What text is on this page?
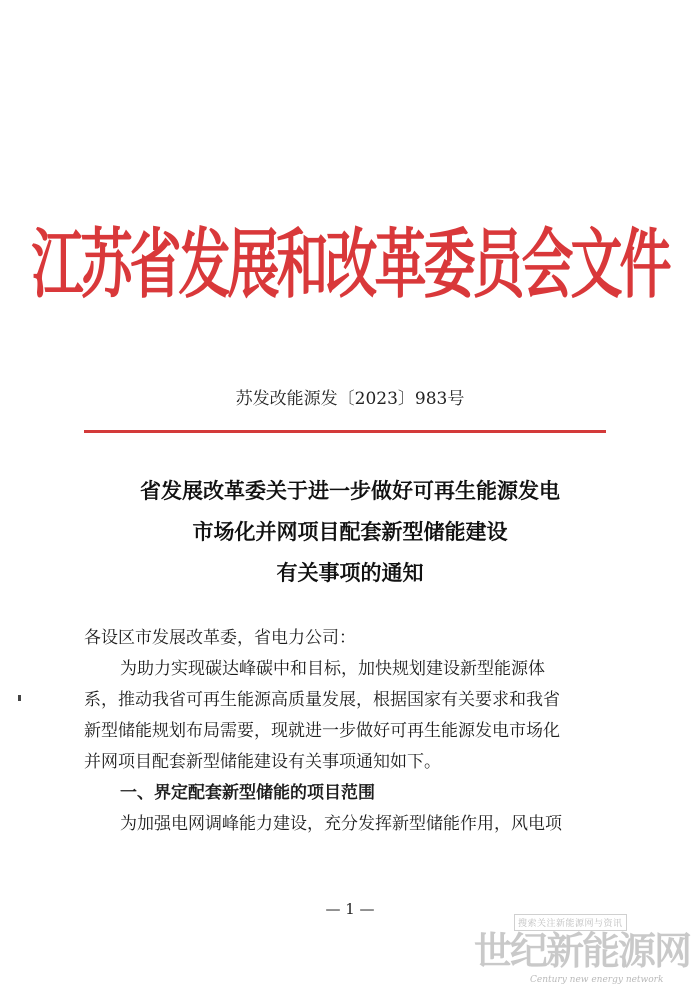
江苏省发展和改革委员会文件
苏发改能源发〔2023〕983号
省发展改革委关于进一步做好可再生能源发电
市场化并网项目配套新型储能建设
有关事项的通知
各设区市发展改革委，省电力公司：
为助力实现碳达峰碳中和目标，加快规划建设新型能源体
系，推动我省可再生能源高质量发展，根据国家有关要求和我省
新型储能规划布局需要，现就进一步做好可再生能源发电市场化
并网项目配套新型储能建设有关事项通知如下。
一、界定配套新型储能的项目范围
为加强电网调峰能力建设，充分发挥新型储能作用，风电项
— 1 —
搜索关注新能源网与资讯
世纪新能源网
Century new energy network
